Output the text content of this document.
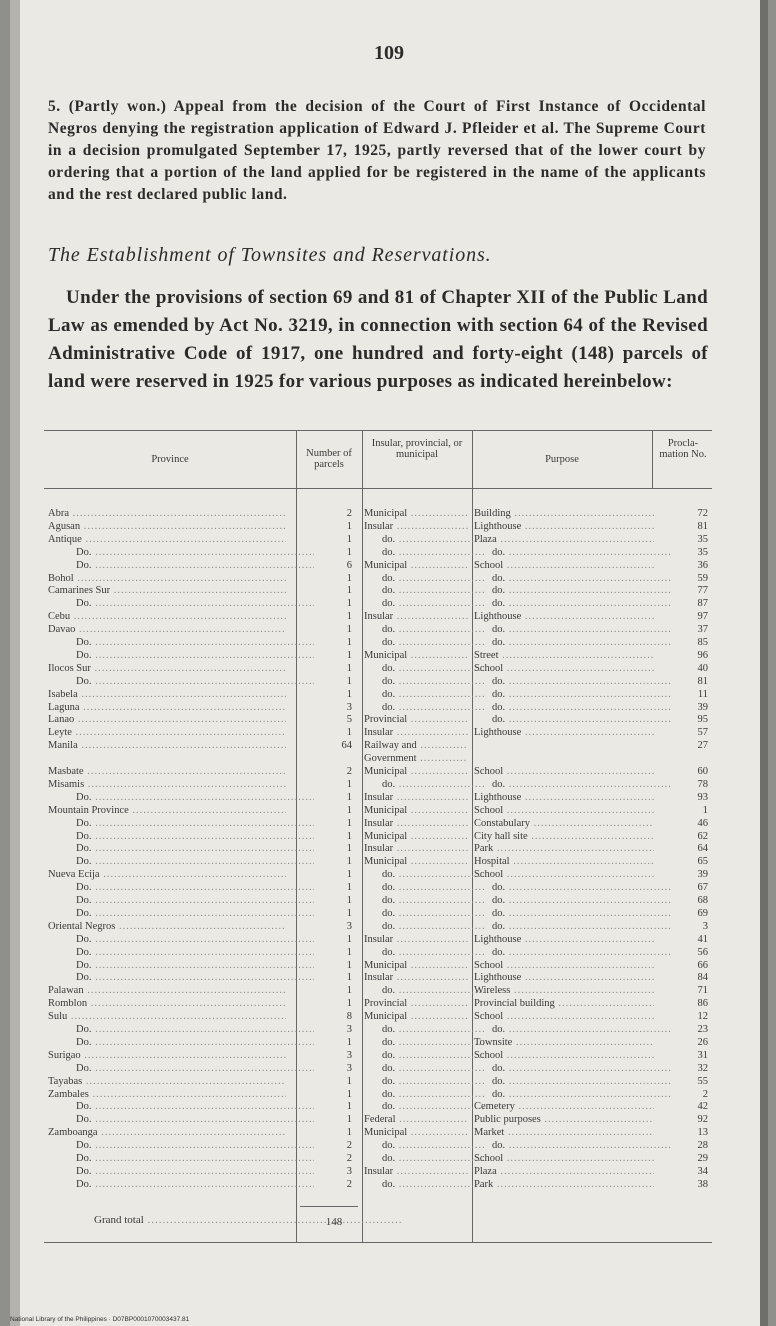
109
5. (Partly won.) Appeal from the decision of the Court of First Instance of Occidental Negros denying the registration application of Edward J. Pfleider et al. The Supreme Court in a decision promulgated September 17, 1925, partly reversed that of the lower court by ordering that a portion of the land applied for be registered in the name of the applicants and the rest declared public land.
The Establishment of Townsites and Reservations.
Under the provisions of section 69 and 81 of Chapter XII of the Public Land Law as emended by Act No. 3219, in connection with section 64 of the Revised Administrative Code of 1917, one hundred and forty-eight (148) parcels of land were reserved in 1925 for various purposes as indicated hereinbelow:
Province
Number of parcels
Insular, provincial, or municipal	Purpose
Procla-mation No.
Abra .....	2 Municipal .....	Building .....	72
Agusan .....	1 Insular .....	Lighthouse .....	81
Antique .....	1	do. .....	Plaza .....	35
Do. .....	1	do. .....	do. .....	35
Do. .....	6 Municipal .....	School .....	36
Bohol .....	1	do. .....	do. .....	59
Camarines Sur .....	1	do. .....	do. .....	77
Do. .....	1	do. .....	do. .....	87
Cebu .....	1 Insular .....	Lighthouse .....	97
Davao .....	1	do. .....	do. .....	37
Do. .....	1	do. .....	do. .....	85
Do. .....	1 Municipal .....	Street .....	96
Ilocos Sur .....	1	do. .....	School .....	40
Do. .....	1	do. .....	do. .....	81
Isabela .....	1	do. .....	do. .....	11
Laguna .....	3	do. .....	do. .....	39
Lanao .....	5 Provincial .....	do. .....	95
Leyte .....	1 Insular .....	Lighthouse .....	57
Manila .....	64 Railway and .....	27
Government .....
Masbate .....	2 Municipal .....	School .....	60
Misamis .....	1	do. .....	do. .....	78
Do. .....	1 Insular .....	Lighthouse .....	93
Mountain Province .....	1 Municipal .....	School .....	1
Do. .....	1 Insular .....	Constabulary .....	46
Do. .....	1 Municipal .....	City hall site .....	62
Do. .....	1 Insular .....	Park .....	64
Do. .....	1 Municipal .....	Hospital .....	65
Nueva Ecija .....	1	do. .....	School .....	39
Do. .....	1	do. .....	do. .....	67
Do. .....	1	do. .....	do. .....	68
Do. .....	1	do. .....	do. .....	69
Oriental Negros .....	3	do. .....	do. .....	3
Do. .....	1 Insular .....	Lighthouse .....	41
Do. .....	1	do. .....	do. .....	56
Do. .....	1 Municipal .....	School .....	66
Do. .....	1 Insular .....	Lighthouse .....	84
Palawan .....	1	do. .....	Wireless .....	71
Romblon .....	1 Provincial .....	Provincial building .....	86
Sulu .....	8 Municipal .....	School .....	12
Do. .....	3	do. .....	do. .....	23
Do. .....	1	do. .....	Townsite .....	26
Surigao .....	3	do. .....	School .....	31
Do. .....	3	do. .....	do. .....	32
Tayabas .....	1	do. .....	do. .....	55
Zambales .....	1	do. .....	do. .....	2
Do. .....	1	do. .....	Cemetery .....	42
Do. .....	1 Federal .....	Public purposes .....	92
Zamboanga .....	1 Municipal .....	Market .....	13
Do. .....	2	do. .....	do. .....	28
Do. .....	2	do. .....	School .....	29
Do. .....	3 Insular .....	Plaza .....	34
Do. .....	2	do. .....	Park .....	38
Grand total .....	148
National Library of the Philippines · D07BP0001070003437.81
